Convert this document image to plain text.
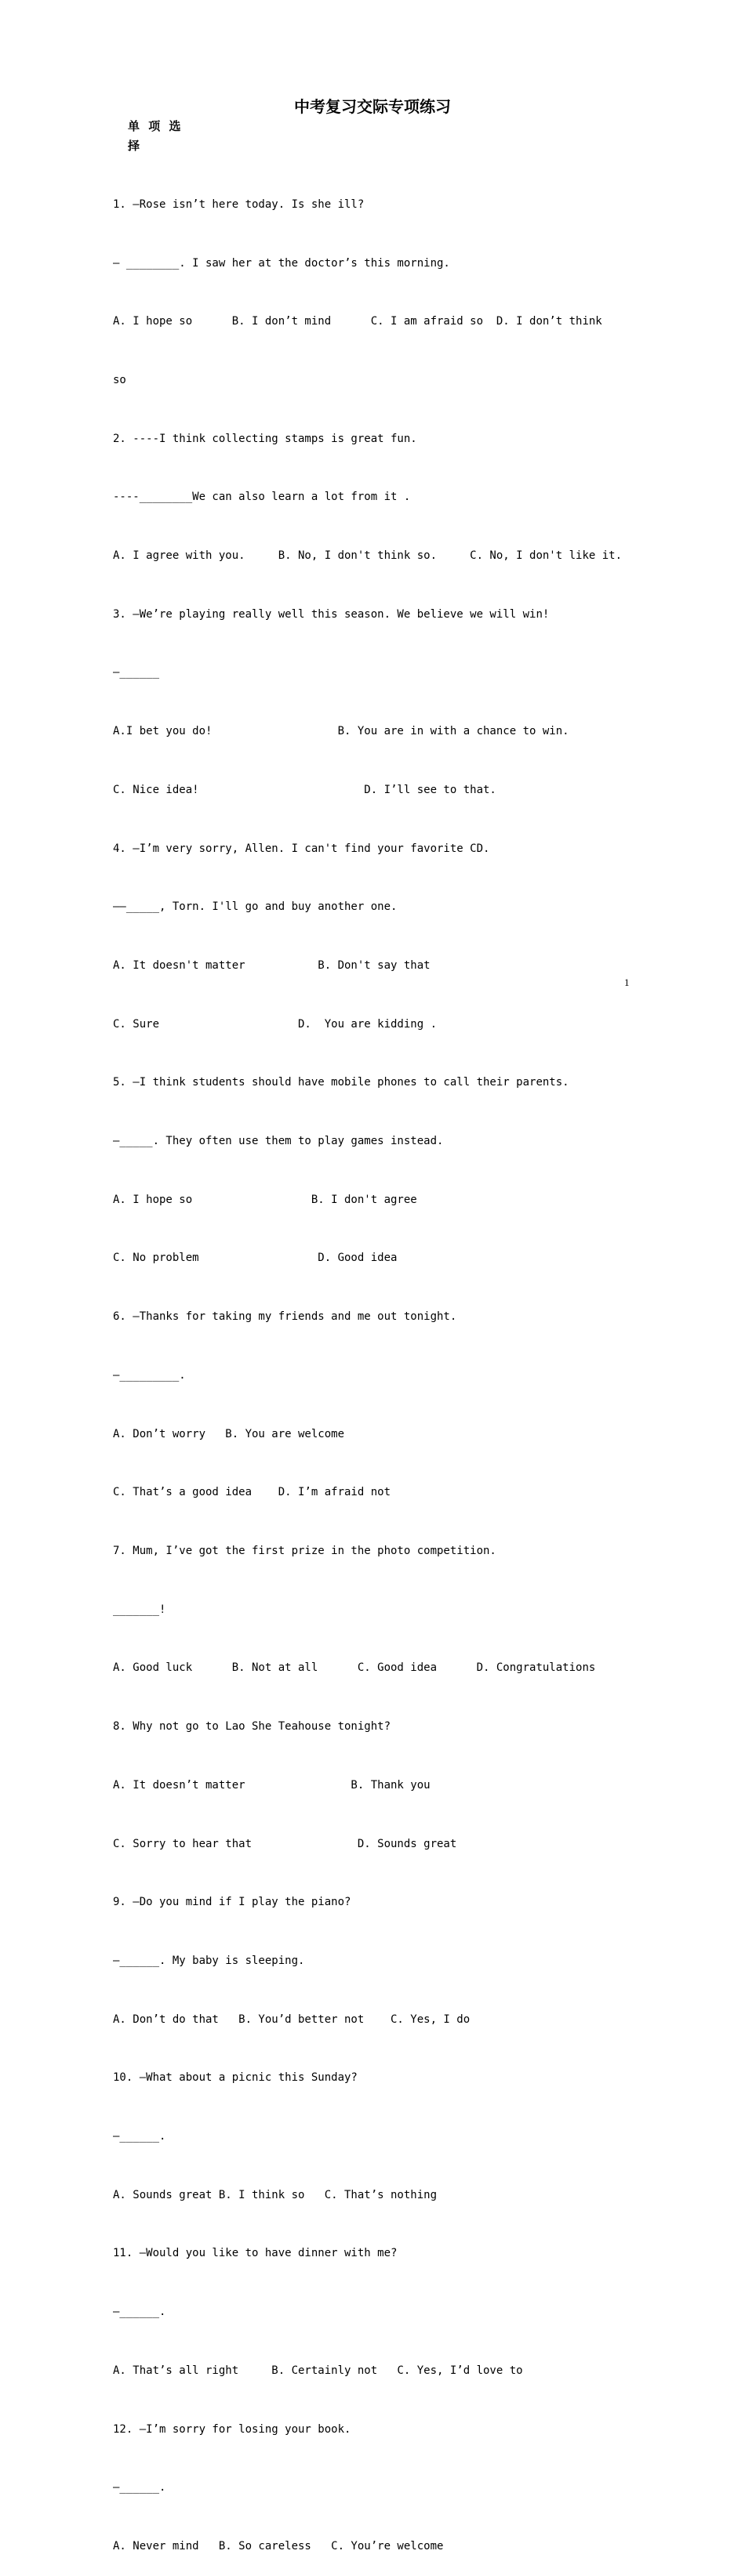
中考复习交际专项练习
单 项 选
择

1. —Rose isn’t here today. Is she ill?

— ________. I saw her at the doctor’s this morning.

A. I hope so      B. I don’t mind      C. I am afraid so  D. I don’t think

so

2. ----I think collecting stamps is great fun.

----________We can also learn a lot from it .

A. I agree with you.     B. No, I don't think so.     C. No, I don't like it.

3. —We’re playing really well this season. We believe we will win!

—______

A.I bet you do!                   B. You are in with a chance to win.

C. Nice idea!                         D. I’ll see to that.

4. —I’m very sorry, Allen. I can't find your favorite CD.

——_____, Torn. I'll go and buy another one.

A. It doesn't matter           B. Don't say that

C. Sure                     D.  You are kidding .

5. —I think students should have mobile phones to call their parents.

—_____. They often use them to play games instead.

A. I hope so                  B. I don't agree

C. No problem                  D. Good idea

6. —Thanks for taking my friends and me out tonight.

—_________.

A. Don’t worry   B. You are welcome

C. That’s a good idea    D. I’m afraid not

7. Mum, I’ve got the first prize in the photo competition.

_______!

A. Good luck      B. Not at all      C. Good idea      D. Congratulations

8. Why not go to Lao She Teahouse tonight?

A. It doesn’t matter                B. Thank you

C. Sorry to hear that                D. Sounds great

9. —Do you mind if I play the piano?

—______. My baby is sleeping.

A. Don’t do that   B. You’d better not    C. Yes, I do

10. —What about a picnic this Sunday?

—______.

A. Sounds great B. I think so   C. That’s nothing

11. —Would you like to have dinner with me?

—______.

A. That’s all right     B. Certainly not   C. Yes, I’d love to

12. —I’m sorry for losing your book.

—______.

A. Never mind   B. So careless   C. You’re welcome

1
